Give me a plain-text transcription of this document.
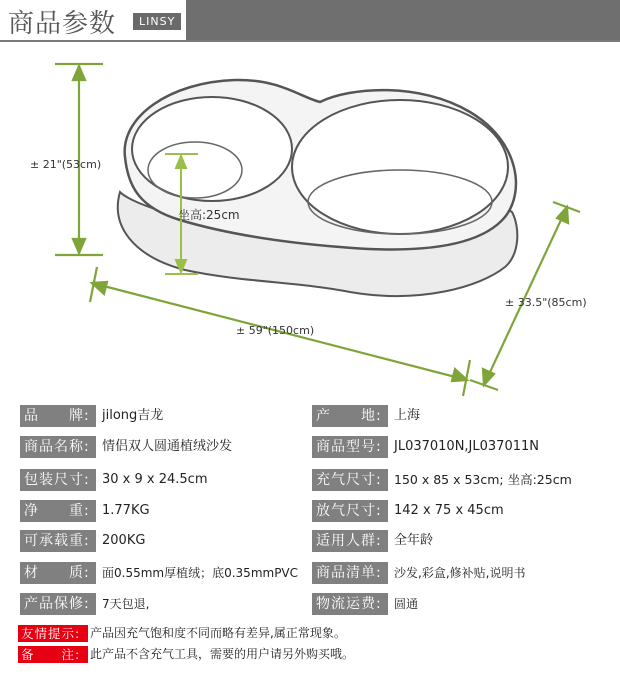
商品参数	LINSY
± 21"(53cm)
坐高:25cm
± 59"(150cm)
± 33.5"(85cm)
品　　牌: jilong吉龙
商品名称: 情侣双人圆通植绒沙发
包装尺寸: 30 x 9 x 24.5cm
净　　重: 1.77KG
可承载重: 200KG
材　　质:	面0.55mm厚植绒；底0.35mmPVC
产品保修:	7天包退,
产　　地: 上海
商品型号: JL037010N,JL037011N
充气尺寸: 150 x 85 x 53cm; 坐高:25cm
放气尺寸: 142 x 75 x 45cm
适用人群: 全年龄
商品清单:	沙发,彩盒,修补贴,说明书
物流运费:	圆通
友情提示: 产品因充气饱和度不同而略有差异,属正常现象。
备　　注: 此产品不含充气工具，需要的用户请另外购买哦。
